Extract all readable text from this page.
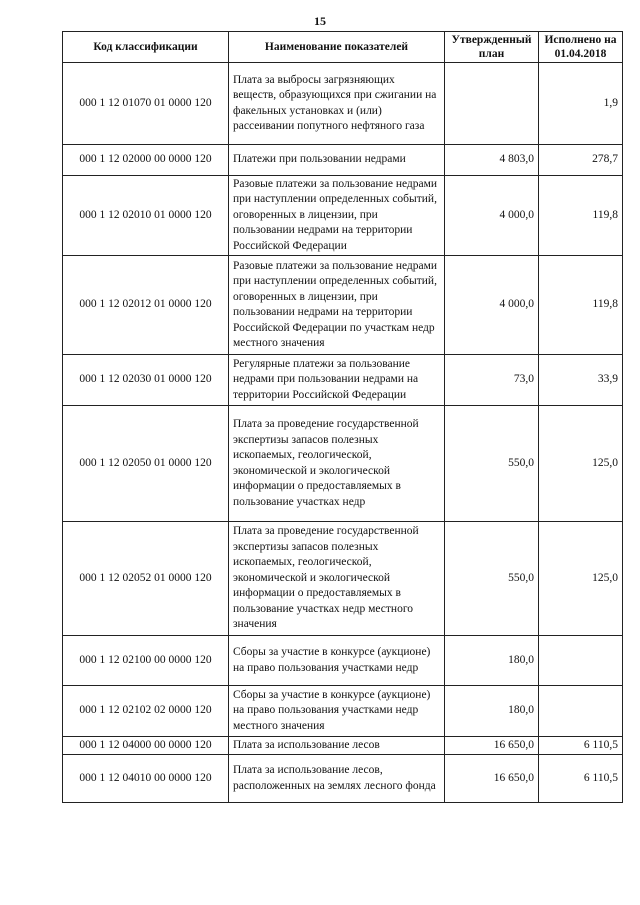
15
Код классификации	Наименование показателей	Утвержденный план	Исполнено на 01.04.2018
000 1 12 01070 01 0000 120	Плата за выбросы загрязняющих веществ, образующихся при сжигании на факельных установках и (или) рассеивании попутного нефтяного газа		1,9
000 1 12 02000 00 0000 120	Платежи при пользовании недрами	4 803,0	278,7
000 1 12 02010 01 0000 120	Разовые платежи за пользование недрами при наступлении определенных событий, оговоренных в лицензии, при пользовании недрами на территории Российской Федерации	4 000,0	119,8
000 1 12 02012 01 0000 120	Разовые платежи за пользование недрами при наступлении определенных событий, оговоренных в лицензии, при пользовании недрами на территории Российской Федерации по участкам недр местного значения	4 000,0	119,8
000 1 12 02030 01 0000 120	Регулярные платежи за пользование недрами при пользовании недрами на территории Российской Федерации	73,0	33,9
000 1 12 02050 01 0000 120	Плата за проведение государственной экспертизы запасов полезных ископаемых, геологической, экономической и экологической информации о предоставляемых в пользование участках недр	550,0	125,0
000 1 12 02052 01 0000 120	Плата за проведение государственной экспертизы запасов полезных ископаемых, геологической, экономической и экологической информации о предоставляемых в пользование участках недр местного значения	550,0	125,0
000 1 12 02100 00 0000 120	Сборы за участие в конкурсе (аукционе) на право пользования участками недр	180,0	
000 1 12 02102 02 0000 120	Сборы за участие в конкурсе (аукционе) на право пользования участками недр местного значения	180,0	
000 1 12 04000 00 0000 120	Плата за использование лесов	16 650,0	6 110,5
000 1 12 04010 00 0000 120	Плата за использование лесов, расположенных на землях лесного фонда	16 650,0	6 110,5
